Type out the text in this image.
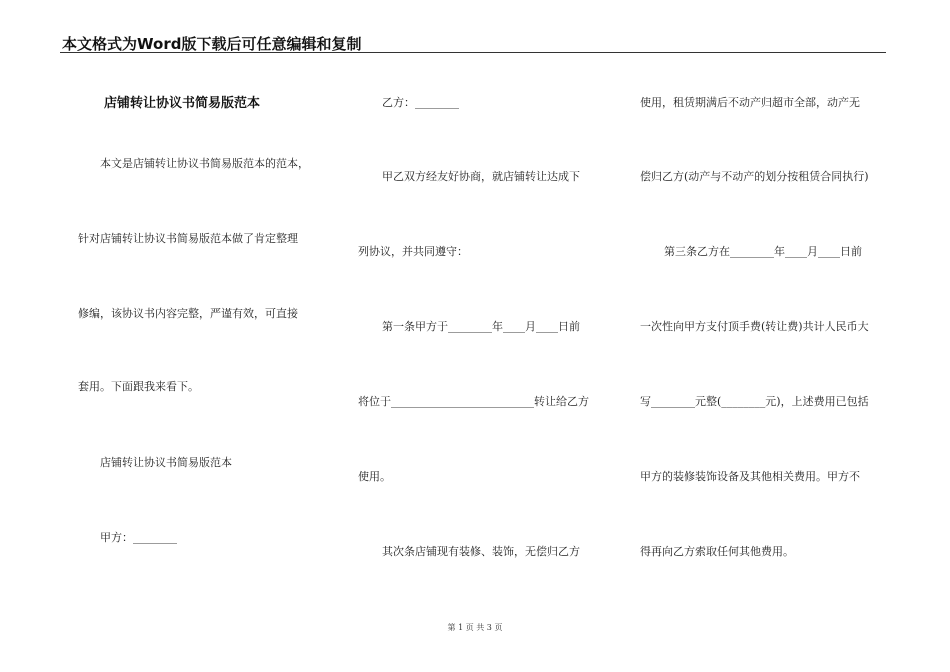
本文格式为Word版下载后可任意编辑和复制
店铺转让协议书简易版范本
本文是店铺转让协议书简易版范本的范本，
针对店铺转让协议书简易版范本做了肯定整理
修编，该协议书内容完整，严谨有效，可直接
套用。下面跟我来看下。
店铺转让协议书简易版范本
甲方：________
乙方：________
甲乙双方经友好协商，就店铺转让达成下
列协议，并共同遵守：
第一条甲方于________年____月____日前
将位于__________________________转让给乙方
使用。
其次条店铺现有装修、装饰，无偿归乙方
使用，租赁期满后不动产归超市全部，动产无
偿归乙方(动产与不动产的划分按租赁合同执行)
第三条乙方在________年____月____日前
一次性向甲方支付顶手费(转让费)共计人民币大
写________元整(________元)，上述费用已包括
甲方的装修装饰设备及其他相关费用。甲方不
得再向乙方索取任何其他费用。
第 1 页 共 3 页
